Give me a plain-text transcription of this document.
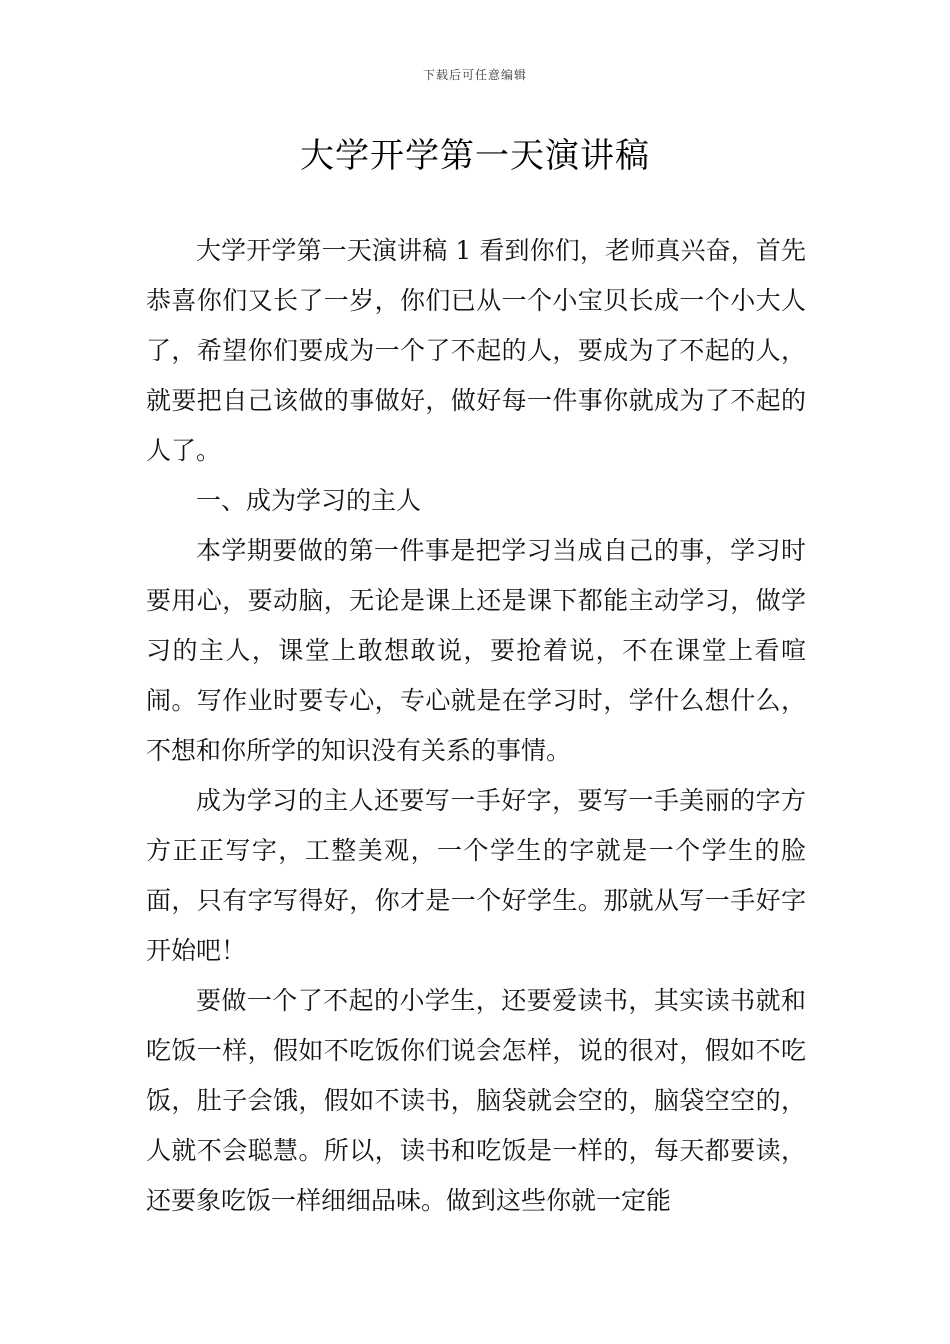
下载后可任意编辑
大学开学第一天演讲稿

大学开学第一天演讲稿 1 看到你们，老师真兴奋，首先恭喜你们又长了一岁，你们已从一个小宝贝长成一个小大人了，希望你们要成为一个了不起的人，要成为了不起的人，就要把自己该做的事做好，做好每一件事你就成为了不起的人了。

一、成为学习的主人

本学期要做的第一件事是把学习当成自己的事，学习时要用心，要动脑，无论是课上还是课下都能主动学习，做学习的主人，课堂上敢想敢说，要抢着说，不在课堂上看喧闹。写作业时要专心，专心就是在学习时，学什么想什么，不想和你所学的知识没有关系的事情。

成为学习的主人还要写一手好字，要写一手美丽的字方方正正写字，工整美观，一个学生的字就是一个学生的脸面，只有字写得好，你才是一个好学生。那就从写一手好字开始吧！

要做一个了不起的小学生，还要爱读书，其实读书就和吃饭一样，假如不吃饭你们说会怎样，说的很对，假如不吃饭，肚子会饿，假如不读书，脑袋就会空的，脑袋空空的，人就不会聪慧。所以，读书和吃饭是一样的，每天都要读，还要象吃饭一样细细品味。做到这些你就一定能
